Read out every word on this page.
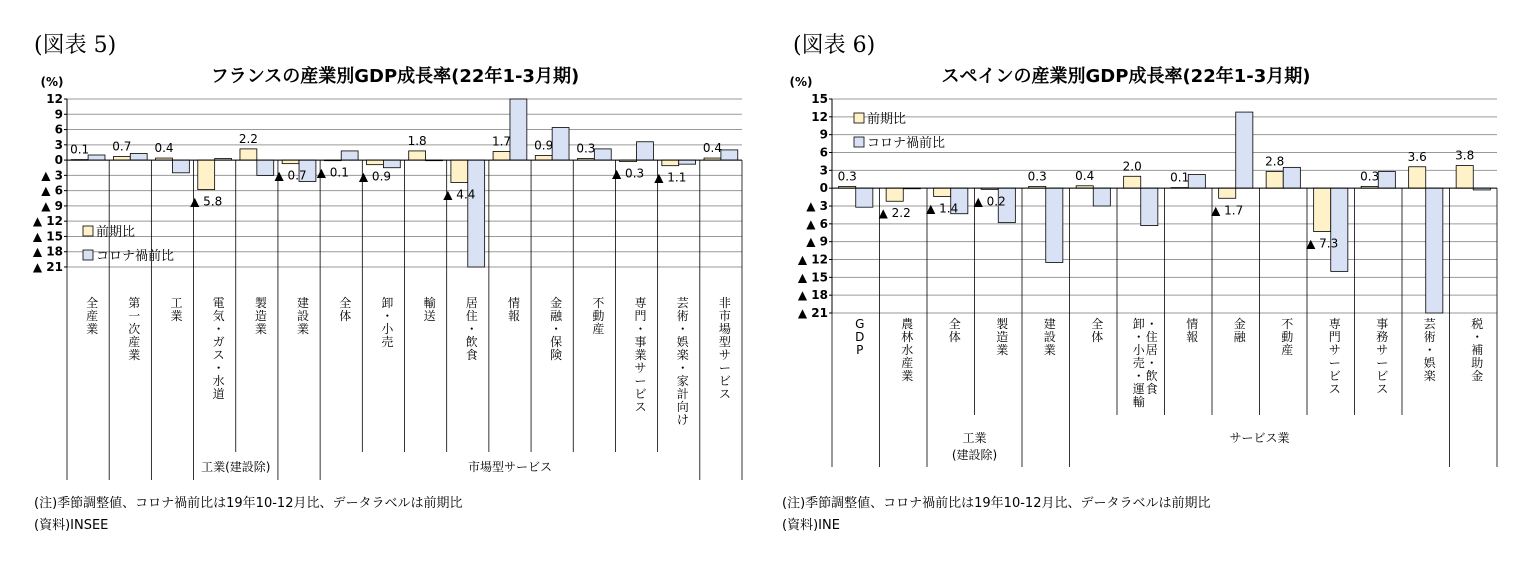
(図表 5)	(図表 6)
フランスの産業別GDP成長率(22年1-3月期)
(%)
12
9
6
3
0
▲ 3
▲ 6
▲ 9
▲ 12
▲ 15
▲ 18
▲ 21
0.1 0.7 0.4
▲ 5.8
2.2
▲ 0.7 ▲ 0.1 ▲ 0.9
1.8
▲ 4.4
1.7 0.9 0.3
▲ 0.3 ▲ 1.1
0.4
全
産
業
第
一
次
産
業
工
業
電
気
・
ガ
ス
・
水
道
製
造
業
建
設
業
全
体
卸
・
小
売
輸
送
居
住
・
飲
食
情
報
金
融
・
保
険
不
動
産
専
門
・
事
業
サ
ー
ビ
ス
芸
術
・
娯
楽
・
家
計
向
け
非
市
場
型
サ
ー
ビ
ス
工業(建設除)	市場型サービス
前期比
コロナ禍前比
スペインの産業別GDP成長率(22年1-3月期)
(%)
15
12
9
6
3
0
▲ 3
▲ 6
▲ 9
▲ 12
▲ 15
▲ 18
▲ 21
0.3
▲ 2.2 ▲ 1.4
▲ 0.2
0.3 0.4
2.0
0.1
▲ 1.7
2.8
▲ 7.3
0.3
3.6 3.8
G
D
P
農
林
水
産
業
全
体
製
造
業
建
設
業
全
体
卸
・
小
売
・
運
輸
・
住
居
・
飲
食
情
報
金
融
不
動
産
専
門
サ
ー
ビ
ス
事
務
サ
ー
ビ
ス
芸
術
・
娯
楽
税
・
補
助
金
工業
(建設除)
サービス業
前期比
コロナ禍前比
(注)季節調整値、コロナ禍前比は19年10-12月比、データラベルは前期比
(資料)INSEE
(注)季節調整値、コロナ禍前比は19年10-12月比、データラベルは前期比
(資料)INE
